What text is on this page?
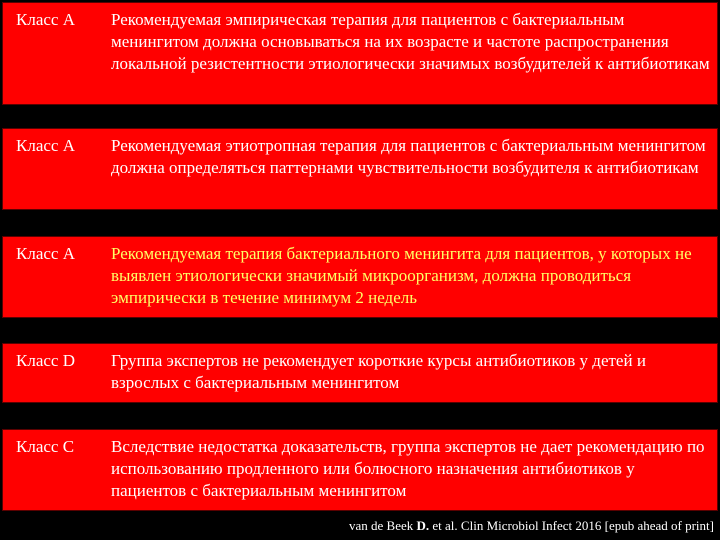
Класс А Рекомендуемая эмпирическая терапия для пациентов с бактериальным менингитом должна основываться на их возрасте и частоте распространения локальной резистентности этиологически значимых возбудителей к антибиотикам
Класс А Рекомендуемая этиотропная терапия для пациентов с бактериальным менингитом должна определяться паттернами чувствительности возбудителя к антибиотикам
Класс А Рекомендуемая терапия бактериального менингита для пациентов, у которых не выявлен этиологически значимый микроорганизм, должна проводиться эмпирически в течение минимум 2 недель
Класс D Группа экспертов не рекомендует короткие курсы антибиотиков у детей и взрослых с бактериальным менингитом
Класс С Вследствие недостатка доказательств, группа экспертов не дает рекомендацию по использованию продленного или болюсного назначения антибиотиков у пациентов с бактериальным менингитом
van de Beek D. et al. Clin Microbiol Infect 2016 [epub ahead of print]
